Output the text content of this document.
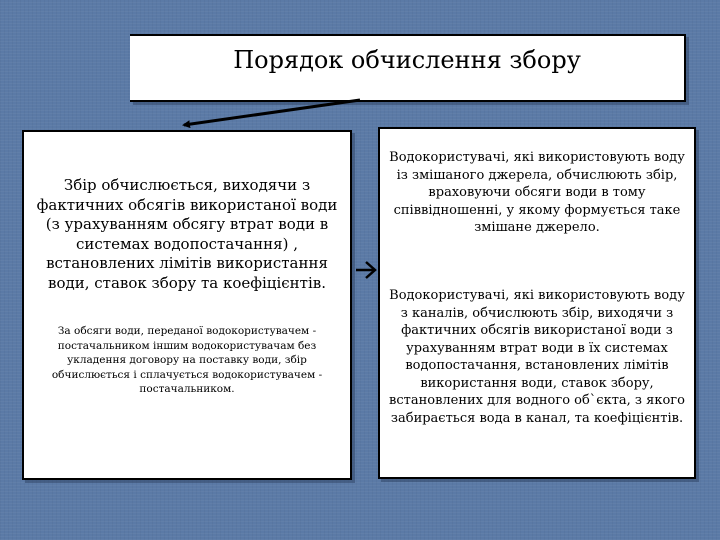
Порядок обчислення збору
Збір обчислюється, виходячи з фактичних обсягів використаної води (з урахуванням обсягу втрат води в системах водопостачання) , встановлених лімітів використання води, ставок збору та коефіцієнтів.
За обсяги води, переданої водокористувачем - постачальником іншим водокористувачам без укладення договору на поставку води, збір обчислюється і сплачується водокористувачем - постачальником.
Водокористувачі, які використовують воду із змішаного джерела, обчислюють збір, враховуючи обсяги води в тому співвідношенні, у якому формується таке змішане джерело.
Водокористувачі, які використовують воду з каналів, обчислюють збір, виходячи з фактичних обсягів використаної води з урахуванням втрат води в їх системах водопостачання, встановлених лімітів використання води, ставок збору, встановлених для водного об`єкта, з якого забирається вода в канал, та коефіцієнтів.
